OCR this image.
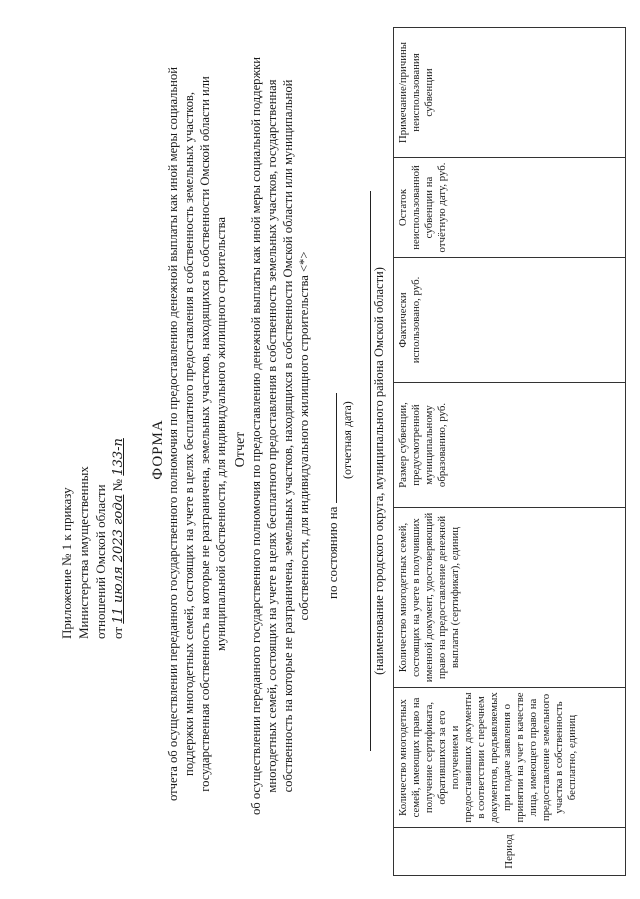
Приложение № 1 к приказу Министерства имущественных отношений Омской области от 11 июля 2023 года № 133-п ФОРМА отчета об осуществлении переданного государственного полномочия по предоставлению денежной выплаты как иной меры социальной поддержки многодетных семей, состоящих на учете в целях бесплатного предоставления в собственность земельных участков, государственная собственность на которые не разграничена, земельных участков, находящихся в собственности Омской области или муниципальной собственности, для индивидуального жилищного строительства Отчет об осуществлении переданного государственного полномочия по предоставлению денежной выплаты как иной меры социальной поддержки многодетных семей, состоящих на учете в целях бесплатного предоставления в собственность земельных участков, государственная собственность на которые не разграничена, земельных участков, находящихся в собственности Омской области или муниципальной собственности, для индивидуального жилищного строительства <*> по состоянию на
(отчетная дата) (наименование городского округа, муниципального района Омской области)
Период	Количество многодетных семей, имеющих право на получение сертификата, обратившихся за его получением и предоставивших документы в соответствии с перечнем документов, предъявляемых при подаче заявления о принятии на учет в качестве лица, имеющего право на предоставление земельного участка в собственность бесплатно, единиц	Количество многодетных семей, состоящих на учете в получивших именной документ, удостоверяющий право на предоставление денежной выплаты (сертификат), единиц	Размер субвенции, предусмотренной муниципальному образованию, руб.	Фактически использовано, руб.	Остаток неиспользованной субвенции на отчётную дату, руб.	Примечание/причины неиспользования субвенции
